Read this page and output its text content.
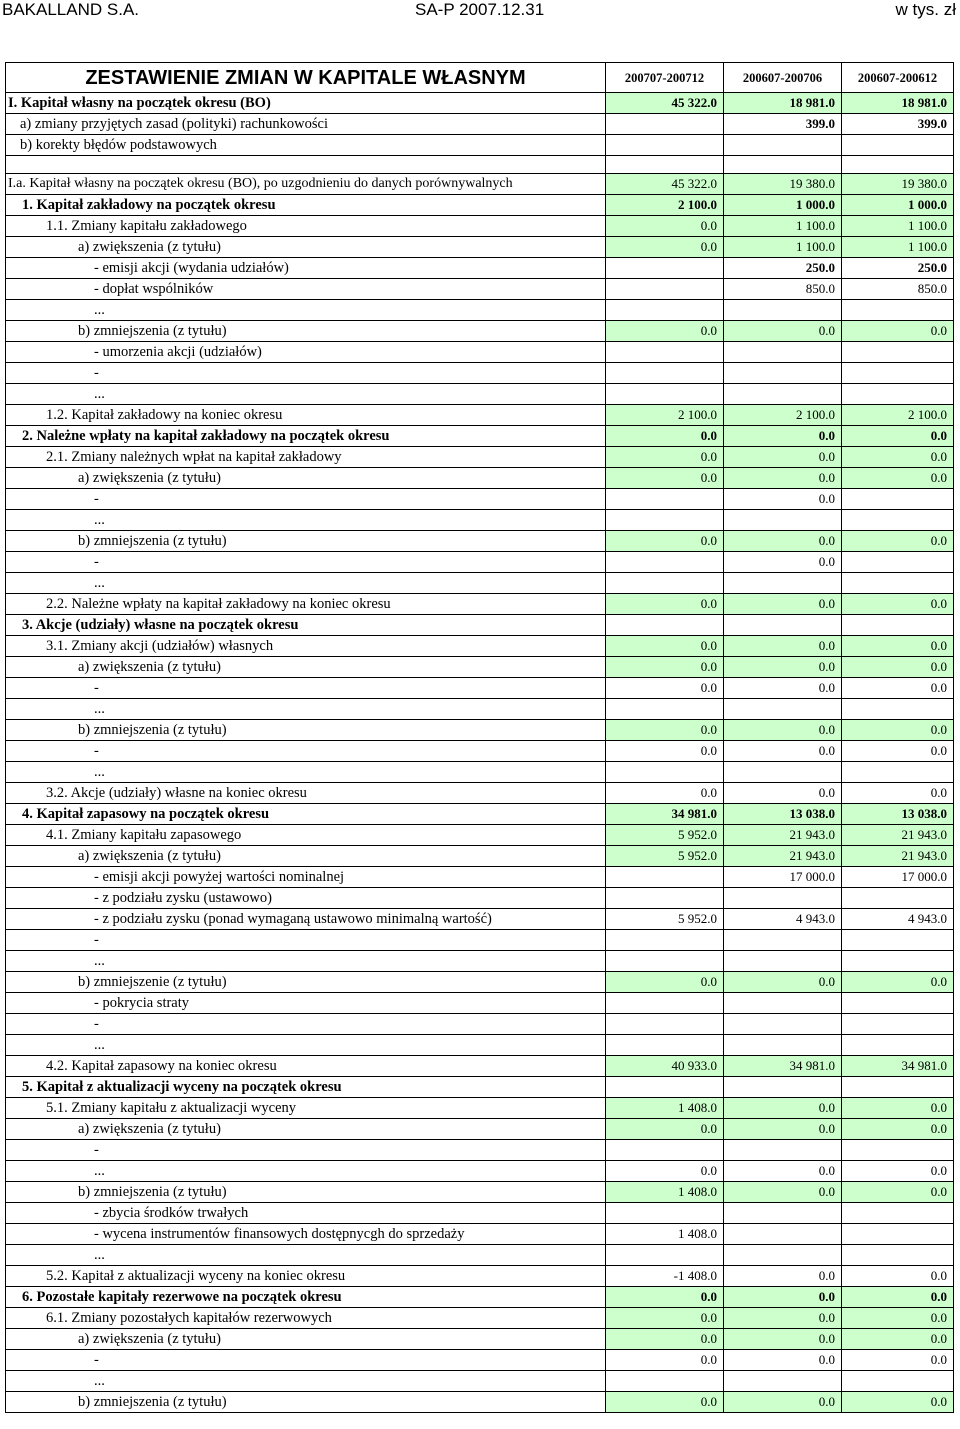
BAKALLAND S.A.	SA-P 2007.12.31	w tys. zł
ZESTAWIENIE ZMIAN W KAPITALE WŁASNYM	200707-200712	200607-200706	200607-200612
I. Kapitał własny na początek okresu (BO)	45 322.0	18 981.0	18 981.0
a) zmiany przyjętych zasad (polityki) rachunkowości		399.0	399.0
b) korekty błędów podstawowych			

I.a. Kapitał własny na początek okresu (BO), po uzgodnieniu do danych porównywalnych	45 322.0	19 380.0	19 380.0
1. Kapitał zakładowy na początek okresu	2 100.0	1 000.0	1 000.0
1.1. Zmiany kapitału zakładowego	0.0	1 100.0	1 100.0
a) zwiększenia (z tytułu)	0.0	1 100.0	1 100.0
- emisji akcji (wydania udziałów)		250.0	250.0
- dopłat wspólników		850.0	850.0
...			
b) zmniejszenia (z tytułu)	0.0	0.0	0.0
- umorzenia akcji (udziałów)			
-			
...			
1.2. Kapitał zakładowy na koniec okresu	2 100.0	2 100.0	2 100.0
2. Należne wpłaty na kapitał zakładowy na początek okresu	0.0	0.0	0.0
2.1. Zmiany należnych wpłat na kapitał zakładowy	0.0	0.0	0.0
a) zwiększenia (z tytułu)	0.0	0.0	0.0
-		0.0	
...			
b) zmniejszenia (z tytułu)	0.0	0.0	0.0
-		0.0	
...			
2.2. Należne wpłaty na kapitał zakładowy na koniec okresu	0.0	0.0	0.0
3. Akcje (udziały) własne na początek okresu			
3.1. Zmiany akcji (udziałów) własnych	0.0	0.0	0.0
a) zwiększenia (z tytułu)	0.0	0.0	0.0
-	0.0	0.0	0.0
...			
b) zmniejszenia (z tytułu)	0.0	0.0	0.0
-	0.0	0.0	0.0
...			
3.2. Akcje (udziały) własne na koniec okresu	0.0	0.0	0.0
4. Kapitał zapasowy na początek okresu	34 981.0	13 038.0	13 038.0
4.1. Zmiany kapitału zapasowego	5 952.0	21 943.0	21 943.0
a) zwiększenia (z tytułu)	5 952.0	21 943.0	21 943.0
- emisji akcji powyżej wartości nominalnej		17 000.0	17 000.0
- z podziału zysku (ustawowo)			
- z podziału zysku (ponad wymaganą ustawowo minimalną wartość)	5 952.0	4 943.0	4 943.0
-			
...			
b) zmniejszenie (z tytułu)	0.0	0.0	0.0
- pokrycia straty			
-			
...			
4.2. Kapitał zapasowy na koniec okresu	40 933.0	34 981.0	34 981.0
5. Kapitał z aktualizacji wyceny na początek okresu			
5.1. Zmiany kapitału z aktualizacji wyceny	1 408.0	0.0	0.0
a) zwiększenia (z tytułu)	0.0	0.0	0.0
-			
...	0.0	0.0	0.0
b) zmniejszenia (z tytułu)	1 408.0	0.0	0.0
- zbycia środków trwałych			
- wycena instrumentów finansowych dostępnycgh do sprzedaży	1 408.0		
...			
5.2. Kapitał z aktualizacji wyceny na koniec okresu	-1 408.0	0.0	0.0
6. Pozostałe kapitały rezerwowe na początek okresu	0.0	0.0	0.0
6.1. Zmiany pozostałych kapitałów rezerwowych	0.0	0.0	0.0
a) zwiększenia (z tytułu)	0.0	0.0	0.0
-	0.0	0.0	0.0
...			
b) zmniejszenia (z tytułu)	0.0	0.0	0.0
